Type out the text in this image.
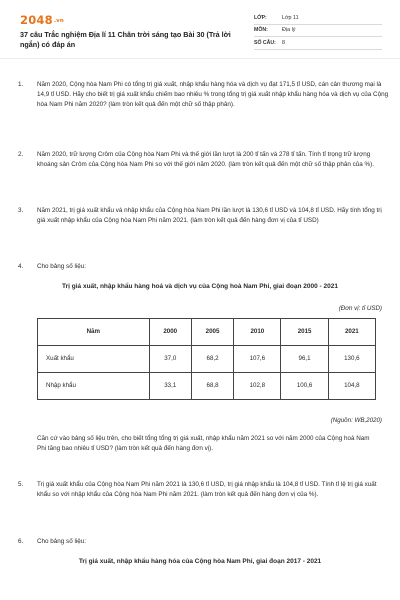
2048.vn
37 câu Trắc nghiệm Địa lí 11 Chân trời sáng tạo Bài 30 (Trả lời ngắn) có đáp án
LỚP:	Lớp 11
MÔN:	Địa lý
SỐ CÂU:	8
1. Năm 2020, Cộng hòa Nam Phi có tổng trị giá xuất, nhập khẩu hàng hóa và dịch vụ đạt 171,5 tỉ USD, cán cân thương mại là 14,9 tỉ USD. Hãy cho biết trị giá xuất khẩu chiếm bao nhiêu % trong tổng trị giá xuất nhập khẩu hàng hóa và dịch vụ của Cộng hòa Nam Phi năm 2020? (làm tròn kết quả đến một chữ số thập phân).
2. Năm 2020, trữ lượng Crôm của Cộng hòa Nam Phi và thế giới lần lượt là 200 tỉ tấn và 278 tỉ tấn. Tính tỉ trọng trữ lượng khoáng sản Crôm của Cộng hòa Nam Phi so với thế giới năm 2020. (làm tròn kết quả đến một chữ số thập phân của %).
3. Năm 2021, trị giá xuất khẩu và nhập khẩu của Cộng hòa Nam Phi lần lượt là 130,6 tỉ USD và 104,8 tỉ USD. Hãy tính tổng trị giá xuất nhập khẩu của Cộng hòa Nam Phi năm 2021. (làm tròn kết quả đến hàng đơn vị của tỉ USD)
4. Cho bảng số liệu:
Trị giá xuất, nhập khẩu hàng hoá và dịch vụ của Cộng hoà Nam Phi, giai đoạn 2000 - 2021
(Đơn vị: tỉ USD)
Năm	2000	2005	2010	2015	2021
Xuất khẩu	37,0	68,2	107,6	96,1	130,6
Nhập khẩu	33,1	68,8	102,8	100,6	104,8
(Nguồn: WB,2020)
Căn cứ vào bảng số liệu trên, cho biết tổng tổng trị giá xuất, nhập khẩu năm 2021 so với năm 2000 của Cộng hoà Nam Phi tăng bao nhiêu tỉ USD? (làm tròn kết quả đến hàng đơn vị).
5. Trị giá xuất khẩu của Cộng hòa Nam Phi năm 2021 là 130,6 tỉ USD, trị giá nhập khẩu là 104,8 tỉ USD. Tính tỉ lệ trị giá xuất khẩu so với nhập khẩu của Cộng hòa Nam Phi năm 2021. (làm tròn kết quả đến hàng đơn vị của %).
6. Cho bảng số liệu:
Trị giá xuất, nhập khẩu hàng hóa của Cộng hòa Nam Phi, giai đoạn 2017 - 2021
